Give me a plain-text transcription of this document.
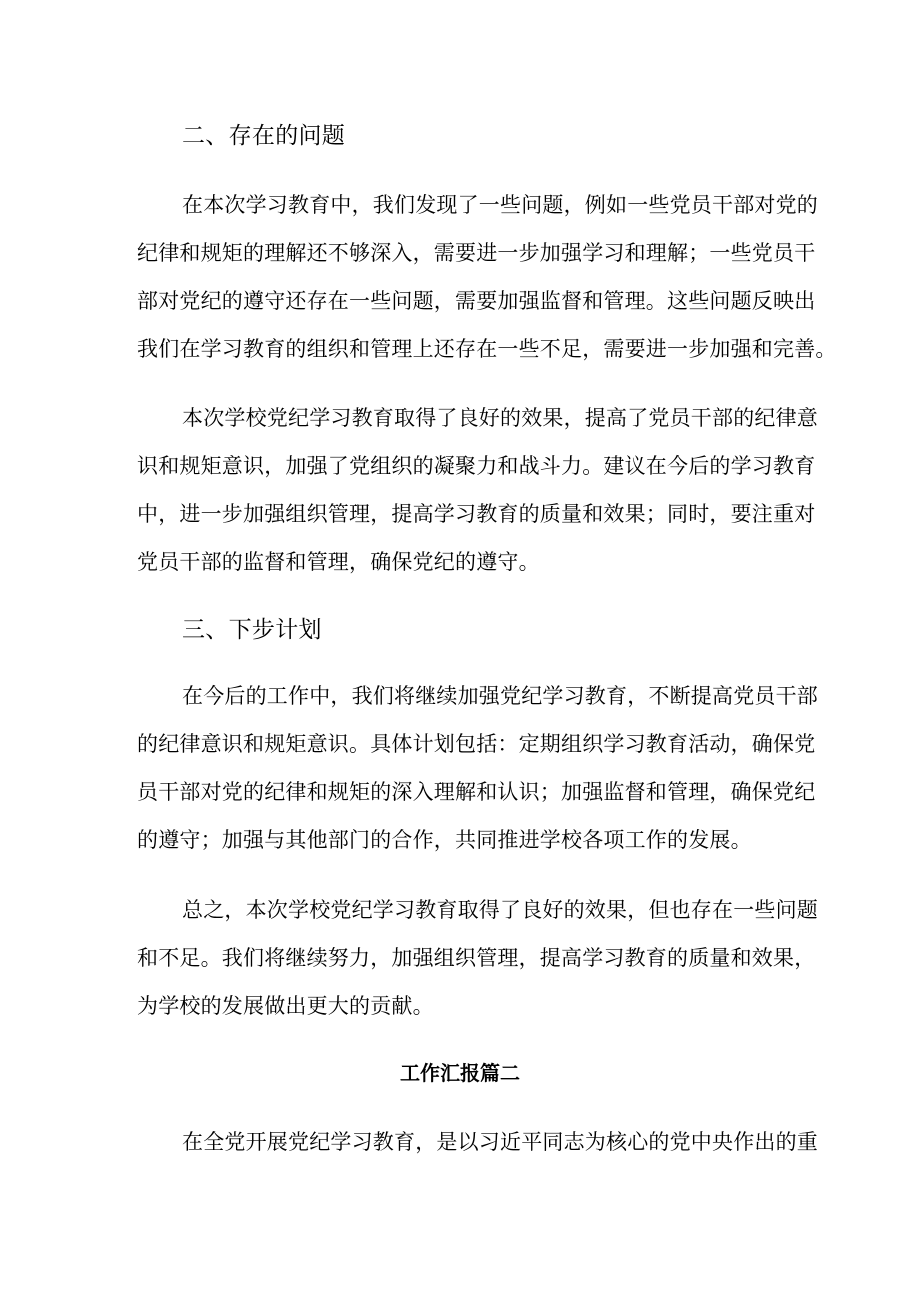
二、存在的问题
在本次学习教育中，我们发现了一些问题，例如一些党员干部对党的
纪律和规矩的理解还不够深入，需要进一步加强学习和理解；一些党员干
部对党纪的遵守还存在一些问题，需要加强监督和管理。这些问题反映出
我们在学习教育的组织和管理上还存在一些不足，需要进一步加强和完善。
本次学校党纪学习教育取得了良好的效果，提高了党员干部的纪律意
识和规矩意识，加强了党组织的凝聚力和战斗力。建议在今后的学习教育
中，进一步加强组织管理，提高学习教育的质量和效果；同时，要注重对
党员干部的监督和管理，确保党纪的遵守。
三、下步计划
在今后的工作中，我们将继续加强党纪学习教育，不断提高党员干部
的纪律意识和规矩意识。具体计划包括：定期组织学习教育活动，确保党
员干部对党的纪律和规矩的深入理解和认识；加强监督和管理，确保党纪
的遵守；加强与其他部门的合作，共同推进学校各项工作的发展。
总之，本次学校党纪学习教育取得了良好的效果，但也存在一些问题
和不足。我们将继续努力，加强组织管理，提高学习教育的质量和效果，
为学校的发展做出更大的贡献。
工作汇报篇二
在全党开展党纪学习教育，是以习近平同志为核心的党中央作出的重
